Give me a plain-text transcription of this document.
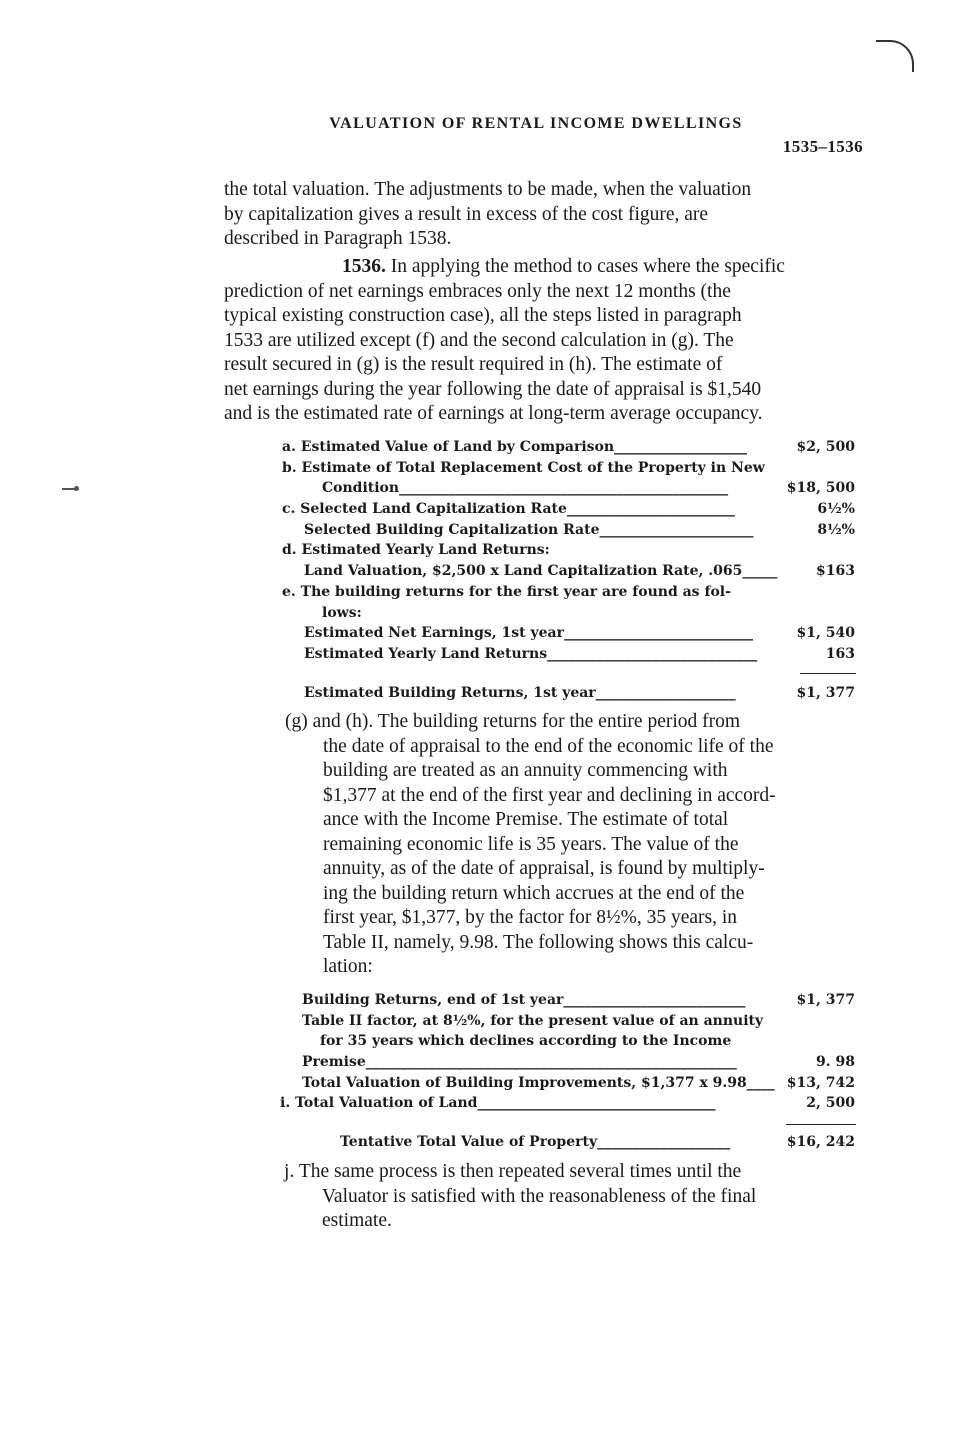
VALUATION OF RENTAL INCOME DWELLINGS
1535–1536

the total valuation. The adjustments to be made, when the valuation

by capitalization gives a result in excess of the cost figure, are

described in Paragraph 1538.

1536. In applying the method to cases where the specific

prediction of net earnings embraces only the next 12 months (the

typical existing construction case), all the steps listed in paragraph

1533 are utilized except (f) and the second calculation in (g). The

result secured in (g) is the result required in (h). The estimate of

net earnings during the year following the date of appraisal is $1,540

and is the estimated rate of earnings at long-term average occupancy.

a. Estimated Value of Land by Comparison___________________	$2, 500
b. Estimate of Total Replacement Cost of the Property in New
Condition_______________________________________________	$18, 500
c. Selected Land Capitalization Rate________________________	6½%
Selected Building Capitalization Rate______________________	8½%
d. Estimated Yearly Land Returns:
Land Valuation, $2,500 x Land Capitalization Rate, .065_____	$163
e. The building returns for the first year are found as fol-
lows:
Estimated Net Earnings, 1st year___________________________	$1, 540
Estimated Yearly Land Returns______________________________	163
Estimated Building Returns, 1st year____________________	$1, 377

(g) and (h). The building returns for the entire period from

the date of appraisal to the end of the economic life of the

building are treated as an annuity commencing with

$1,377 at the end of the first year and declining in accord-

ance with the Income Premise. The estimate of total

remaining economic life is 35 years. The value of the

annuity, as of the date of appraisal, is found by multiply-

ing the building return which accrues at the end of the

first year, $1,377, by the factor for 8½%, 35 years, in

Table II, namely, 9.98. The following shows this calcu-

lation:

Building Returns, end of 1st year__________________________	$1, 377
Table II factor, at 8½%, for the present value of an annuity
for 35 years which declines according to the Income
Premise_____________________________________________________	9. 98
Total Valuation of Building Improvements, $1,377 x 9.98____ $13, 742
i. Total Valuation of Land__________________________________	2, 500
Tentative Total Value of Property___________________	$16, 242

j. The same process is then repeated several times until the

Valuator is satisfied with the reasonableness of the final

estimate.
